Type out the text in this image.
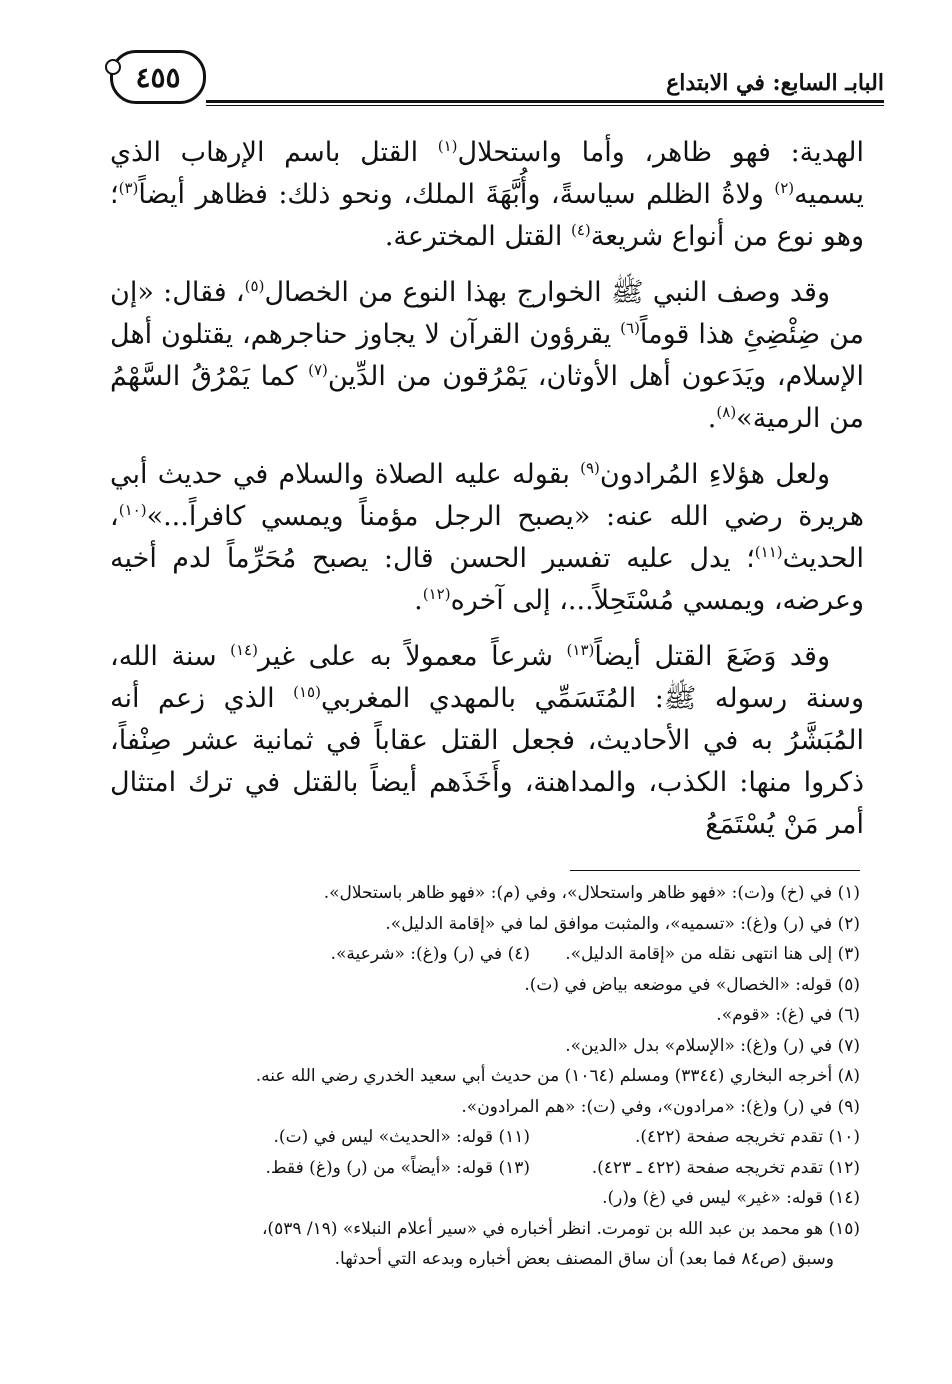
٤٥٥	البابـ السابع: في الابتداع

الهدية: فهو ظاهر، وأما واستحلال$^{(١)}$ القتل باسم الإرهاب الذي يسميه$^{(٢)}$ ولاةُ الظلم سياسةً، وأُبَّهَةَ الملك، ونحو ذلك: فظاهر أيضاً$^{(٣)}$؛ وهو نوع من أنواع شريعة$^{(٤)}$ القتل المخترعة.

وقد وصف النبي ﷺ الخوارج بهذا النوع من الخصال$^{(٥)}$، فقال: «إن من ضِئْضِئِ هذا قوماً$^{(٦)}$ يقرؤون القرآن لا يجاوز حناجرهم، يقتلون أهل الإسلام، ويَدَعون أهل الأوثان، يَمْرُقون من الدِّين$^{(٧)}$ كما يَمْرُقُ السَّهْمُ من الرمية»$^{(٨)}$.

ولعل هؤلاءِ المُرادون$^{(٩)}$ بقوله عليه الصلاة والسلام في حديث أبي هريرة رضي الله عنه: «يصبح الرجل مؤمناً ويمسي كافراً...»$^{(١٠)}$، الحديث$^{(١١)}$؛ يدل عليه تفسير الحسن قال: يصبح مُحَرِّماً لدم أخيه وعرضه، ويمسي مُسْتَحِلاً...، إلى آخره$^{(١٢)}$.

وقد وَضَعَ القتل أيضاً$^{(١٣)}$ شرعاً معمولاً به على غير$^{(١٤)}$ سنة الله، وسنة رسوله ﷺ: المُتَسَمِّي بالمهدي المغربي$^{(١٥)}$ الذي زعم أنه المُبَشَّرُ به في الأحاديث، فجعل القتل عقاباً في ثمانية عشر صِنْفاً، ذكروا منها: الكذب، والمداهنة، وأَخَذَهم أيضاً بالقتل في ترك امتثال أمر مَنْ يُسْتَمَعُ

(١) في (خ) و(ت): «فهو ظاهر واستحلال»، وفي (م): «فهو ظاهر باستحلال».
(٢) في (ر) و(غ): «تسميه»، والمثبت موافق لما في «إقامة الدليل».
(٣) إلى هنا انتهى نقله من «إقامة الدليل».(٤) في (ر) و(غ): «شرعية».
(٥) قوله: «الخصال» في موضعه بياض في (ت).
(٦) في (غ): «قوم».
(٧) في (ر) و(غ): «الإسلام» بدل «الدين».
(٨) أخرجه البخاري (٣٣٤٤) ومسلم (١٠٦٤) من حديث أبي سعيد الخدري رضي الله عنه.
(٩) في (ر) و(غ): «مرادون»، وفي (ت): «هم المرادون».
(١٠) تقدم تخريجه صفحة (٤٢٢).(١١) قوله: «الحديث» ليس في (ت).
(١٢) تقدم تخريجه صفحة (٤٢٢ ـ ٤٢٣).(١٣) قوله: «أيضاً» من (ر) و(غ) فقط.
(١٤) قوله: «غير» ليس في (غ) و(ر).
(١٥) هو محمد بن عبد الله بن تومرت. انظر أخباره في «سير أعلام النبلاء» (١٩/ ٥٣٩)،
وسبق (ص٨٤ فما بعد) أن ساق المصنف بعض أخباره وبدعه التي أحدثها.
